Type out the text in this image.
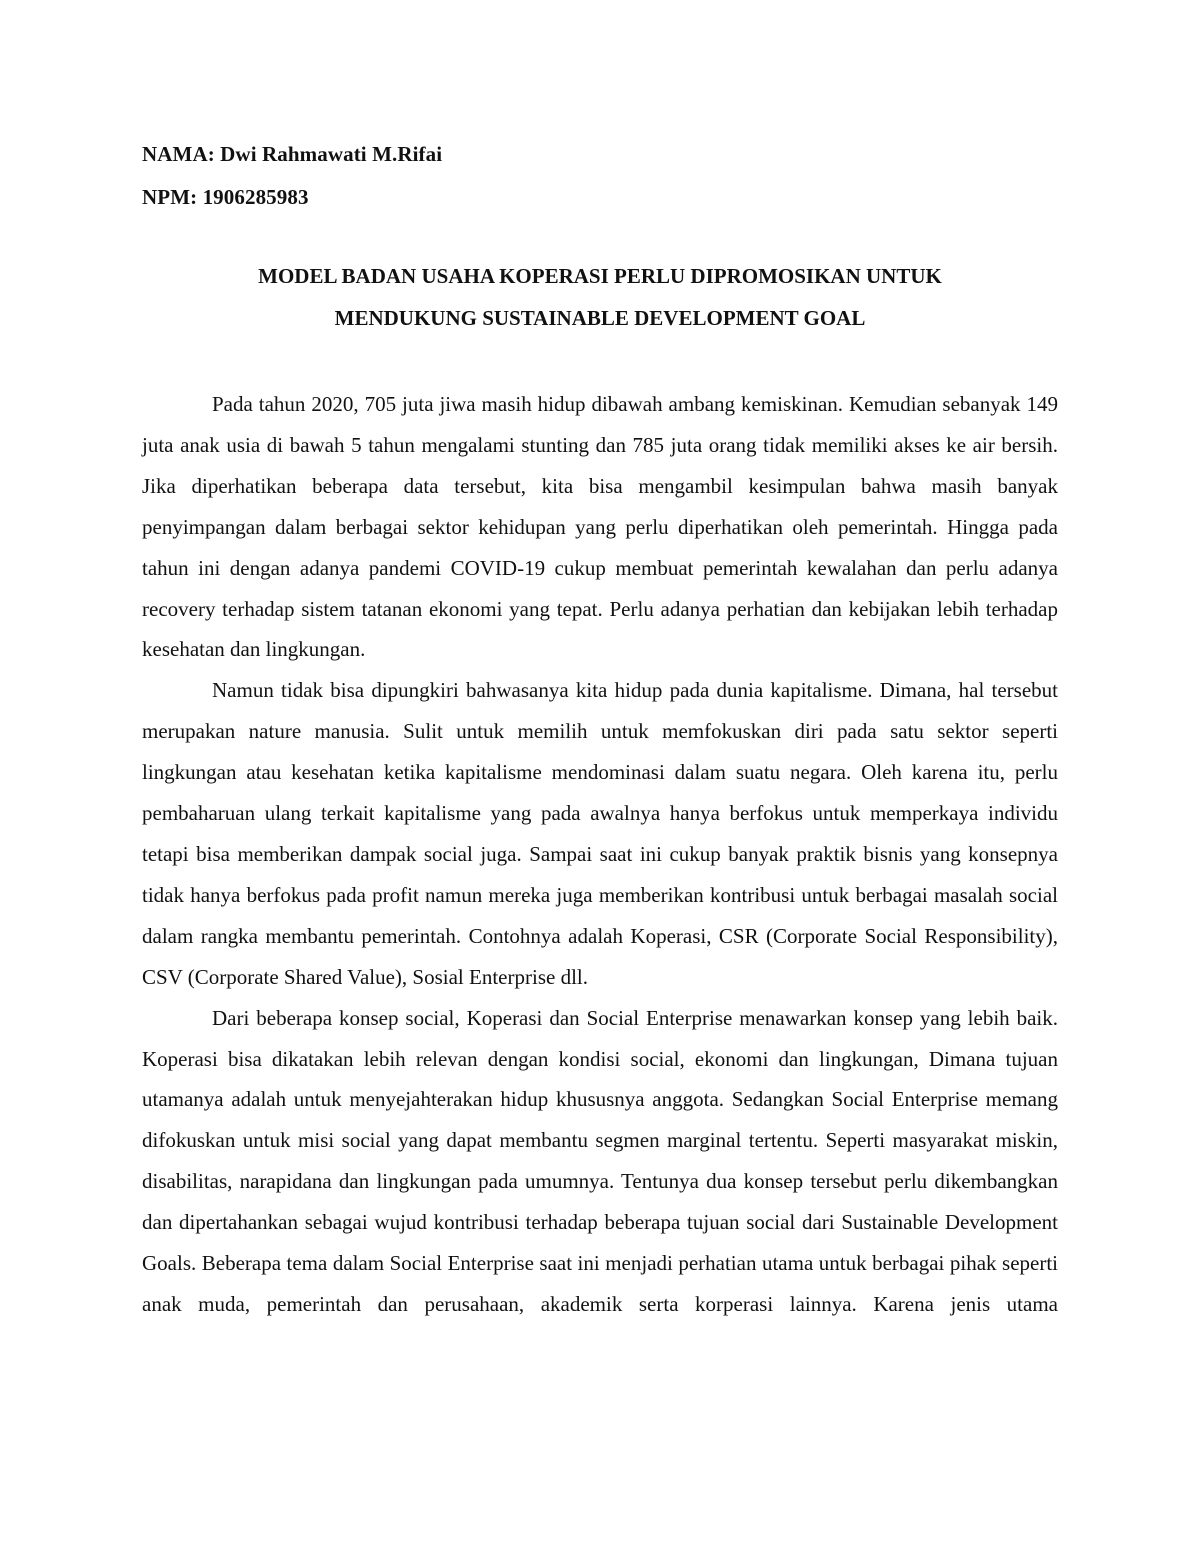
NAMA: Dwi Rahmawati M.Rifai
NPM: 1906285983
MODEL BADAN USAHA KOPERASI PERLU DIPROMOSIKAN UNTUK
MENDUKUNG SUSTAINABLE DEVELOPMENT GOAL

Pada tahun 2020, 705 juta jiwa masih hidup dibawah ambang kemiskinan. Kemudian sebanyak 149 juta anak usia di bawah 5 tahun mengalami stunting dan 785 juta orang tidak memiliki akses ke air bersih. Jika diperhatikan beberapa data tersebut, kita bisa mengambil kesimpulan bahwa masih banyak penyimpangan dalam berbagai sektor kehidupan yang perlu diperhatikan oleh pemerintah. Hingga pada tahun ini dengan adanya pandemi COVID-19 cukup membuat pemerintah kewalahan dan perlu adanya recovery terhadap sistem tatanan ekonomi yang tepat. Perlu adanya perhatian dan kebijakan lebih terhadap kesehatan dan lingkungan.

Namun tidak bisa dipungkiri bahwasanya kita hidup pada dunia kapitalisme. Dimana, hal tersebut merupakan nature manusia. Sulit untuk memilih untuk memfokuskan diri pada satu sektor seperti lingkungan atau kesehatan ketika kapitalisme mendominasi dalam suatu negara. Oleh karena itu, perlu pembaharuan ulang terkait kapitalisme yang pada awalnya hanya berfokus untuk memperkaya individu tetapi bisa memberikan dampak social juga. Sampai saat ini cukup banyak praktik bisnis yang konsepnya tidak hanya berfokus pada profit namun mereka juga memberikan kontribusi untuk berbagai masalah social dalam rangka membantu pemerintah. Contohnya adalah Koperasi, CSR (Corporate Social Responsibility), CSV (Corporate Shared Value), Sosial Enterprise dll.

Dari beberapa konsep social, Koperasi dan Social Enterprise menawarkan konsep yang lebih baik. Koperasi bisa dikatakan lebih relevan dengan kondisi social, ekonomi dan lingkungan, Dimana tujuan utamanya adalah untuk menyejahterakan hidup khususnya anggota. Sedangkan Social Enterprise memang difokuskan untuk misi social yang dapat membantu segmen marginal tertentu. Seperti masyarakat miskin, disabilitas, narapidana dan lingkungan pada umumnya. Tentunya dua konsep tersebut perlu dikembangkan dan dipertahankan sebagai wujud kontribusi terhadap beberapa tujuan social dari Sustainable Development Goals. Beberapa tema dalam Social Enterprise saat ini menjadi perhatian utama untuk berbagai pihak seperti anak muda, pemerintah dan perusahaan, akademik serta korperasi lainnya. Karena jenis utama
